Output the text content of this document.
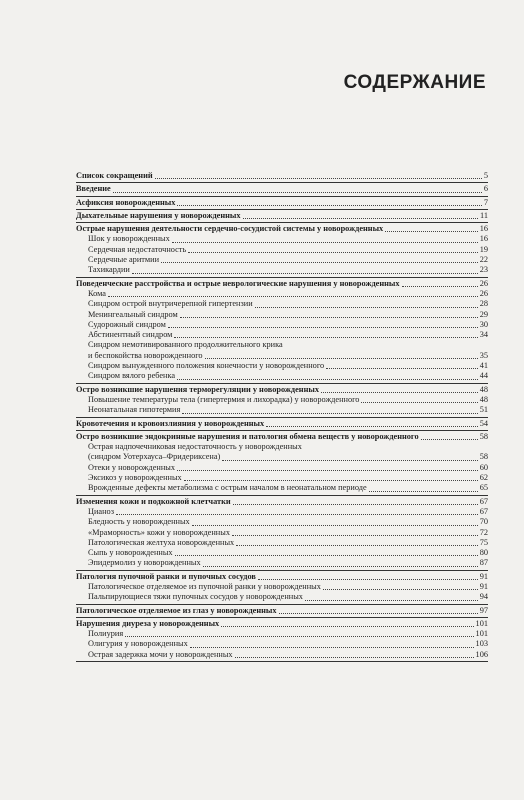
СОДЕРЖАНИЕ
Список сокращений	5
Введение	6
Асфиксия новорожденных	7
Дыхательные нарушения у новорожденных	11
Острые нарушения деятельности сердечно-сосудистой системы у новорожденных	16
Шок у новорожденных	16
Сердечная недостаточность	19
Сердечные аритмии	22
Тахикардии	23
Поведенческие расстройства и острые неврологические нарушения у новорожденных	26
Кома	26
Синдром острой внутричерепной гипертензии	28
Менингеальный синдром	29
Судорожный синдром	30
Абстинентный синдром	34
Синдром немотивированного продолжительного крика
и беспокойства новорожденного	35
Синдром вынужденного положения конечности у новорожденного	41
Синдром вялого ребенка	44
Остро возникшие нарушения терморегуляции у новорожденных	48
Повышение температуры тела (гипертермия и лихорадка) у новорожденного	48
Неонатальная гипотермия	51
Кровотечения и кровоизлияния у новорожденных	54
Остро возникшие эндокринные нарушения и патология обмена веществ у новорожденного	58
Острая надпочечниковая недостаточность у новорожденных
(синдром Уотерхауса–Фридериксена)	58
Отеки у новорожденных	60
Эксикоз у новорожденных	62
Врожденные дефекты метаболизма с острым началом в неонатальном периоде	65
Изменения кожи и подкожной клетчатки	67
Цианоз	67
Бледность у новорожденных	70
«Мраморность» кожи у новорожденных	72
Патологическая желтуха новорожденных	75
Сыпь у новорожденных	80
Эпидермолиз у новорожденных	87
Патология пупочной ранки и пупочных сосудов	91
Патологическое отделяемое из пупочной ранки у новорожденных	91
Пальпирующиеся тяжи пупочных сосудов у новорожденных	94
Патологическое отделяемое из глаз у новорожденных	97
Нарушения диуреза у новорожденных	101
Полиурия	101
Олигурия у новорожденных	103
Острая задержка мочи у новорожденных	106
